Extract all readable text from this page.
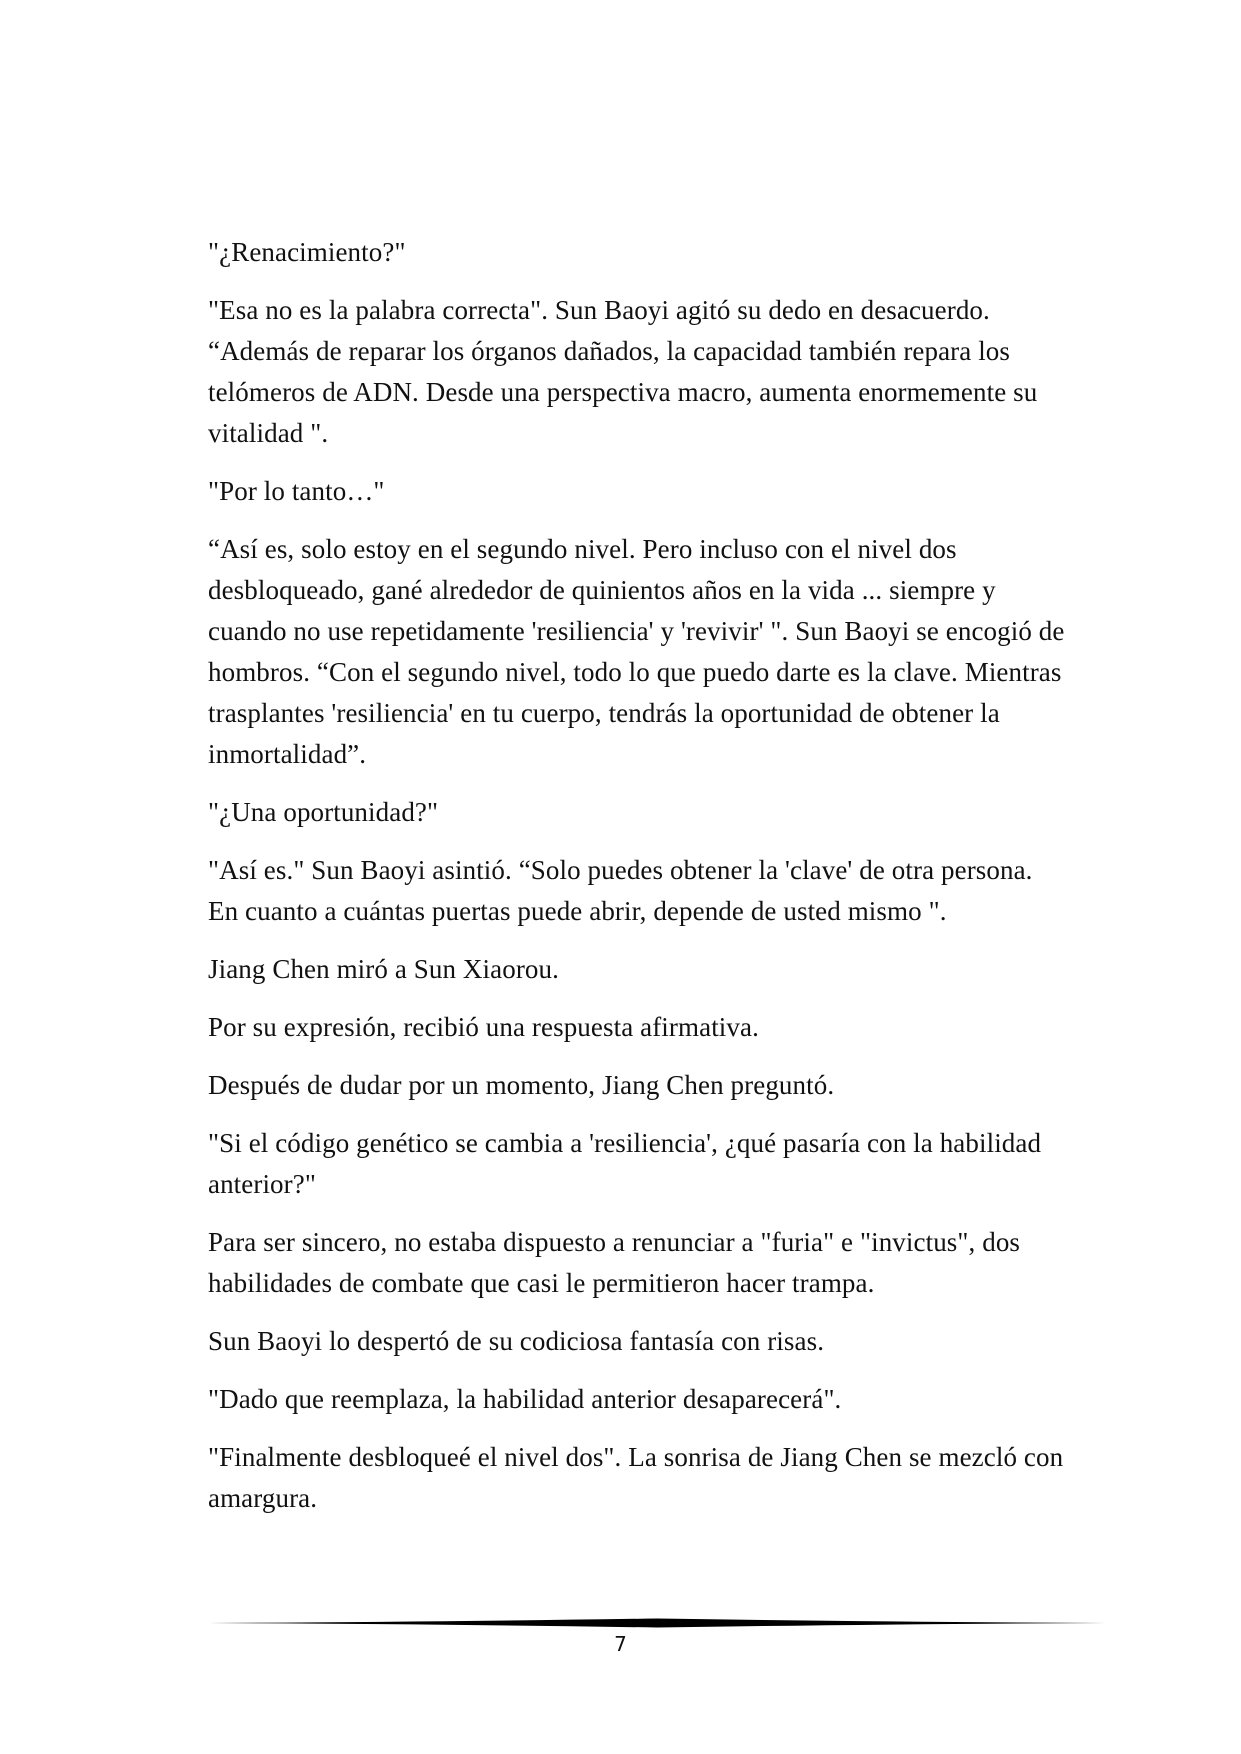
"¿Renacimiento?"

"Esa no es la palabra correcta". Sun Baoyi agitó su dedo en desacuerdo. “Además de reparar los órganos dañados, la capacidad también repara los telómeros de ADN. Desde una perspectiva macro, aumenta enormemente su vitalidad ".

"Por lo tanto…"

“Así es, solo estoy en el segundo nivel. Pero incluso con el nivel dos desbloqueado, gané alrededor de quinientos años en la vida ... siempre y cuando no use repetidamente 'resiliencia' y 'revivir' ". Sun Baoyi se encogió de hombros. “Con el segundo nivel, todo lo que puedo darte es la clave. Mientras trasplantes 'resiliencia' en tu cuerpo, tendrás la oportunidad de obtener la inmortalidad”.

"¿Una oportunidad?"

"Así es." Sun Baoyi asintió. “Solo puedes obtener la 'clave' de otra persona. En cuanto a cuántas puertas puede abrir, depende de usted mismo ".

Jiang Chen miró a Sun Xiaorou.

Por su expresión, recibió una respuesta afirmativa.

Después de dudar por un momento, Jiang Chen preguntó.

"Si el código genético se cambia a 'resiliencia', ¿qué pasaría con la habilidad anterior?"

Para ser sincero, no estaba dispuesto a renunciar a "furia" e "invictus", dos habilidades de combate que casi le permitieron hacer trampa.

Sun Baoyi lo despertó de su codiciosa fantasía con risas.

"Dado que reemplaza, la habilidad anterior desaparecerá".

"Finalmente desbloqueé el nivel dos". La sonrisa de Jiang Chen se mezcló con amargura.

7
